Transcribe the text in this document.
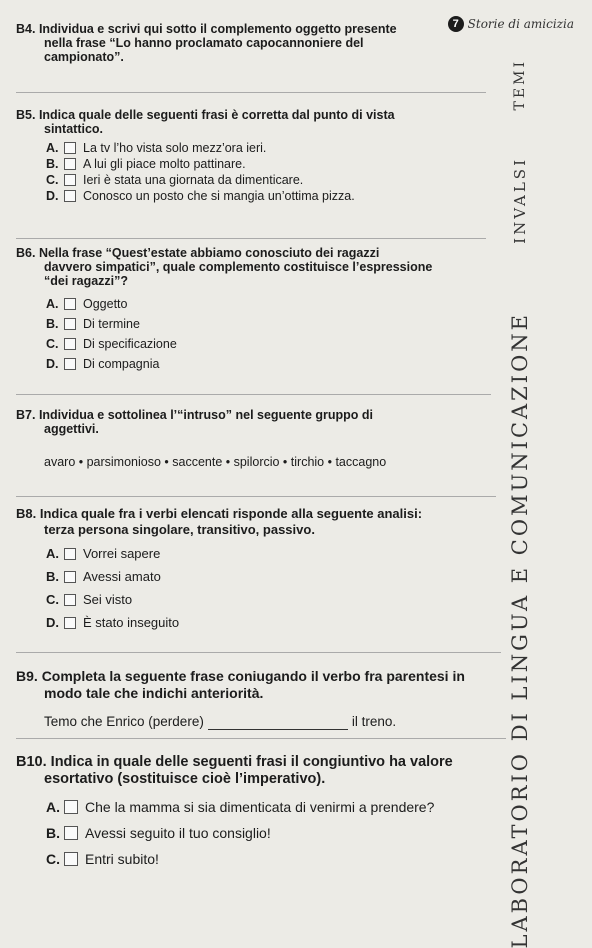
7 Storie di amicizia
TEMI
INVALSI
LABORATORIO DI LINGUA E COMUNICAZIONE
B4. Individua e scrivi qui sotto il complemento oggetto presente
nella frase “Lo hanno proclamato capocannoniere del
campionato”.
B5. Indica quale delle seguenti frasi è corretta dal punto di vista
sintattico.
A. La tv l’ho vista solo mezz’ora ieri.
B. A lui gli piace molto pattinare.
C. Ieri è stata una giornata da dimenticare.
D. Conosco un posto che si mangia un’ottima pizza.
B6. Nella frase “Quest’estate abbiamo conosciuto dei ragazzi
davvero simpatici”, quale complemento costituisce l’espressione
“dei ragazzi”?
A. Oggetto
B. Di termine
C. Di specificazione
D. Di compagnia
B7. Individua e sottolinea l’“intruso” nel seguente gruppo di
aggettivi.
avaro • parsimonioso • saccente • spilorcio • tirchio • taccagno
B8. Indica quale fra i verbi elencati risponde alla seguente analisi:
terza persona singolare, transitivo, passivo.
A. Vorrei sapere
B. Avessi amato
C. Sei visto
D. È stato inseguito
B9. Completa la seguente frase coniugando il verbo fra parentesi in
modo tale che indichi anteriorità.
Temo che Enrico (perdere)	il treno.
B10. Indica in quale delle seguenti frasi il congiuntivo ha valore
esortativo (sostituisce cioè l’imperativo).
A. Che la mamma si sia dimenticata di venirmi a prendere?
B. Avessi seguito il tuo consiglio!
C. Entri subito!
